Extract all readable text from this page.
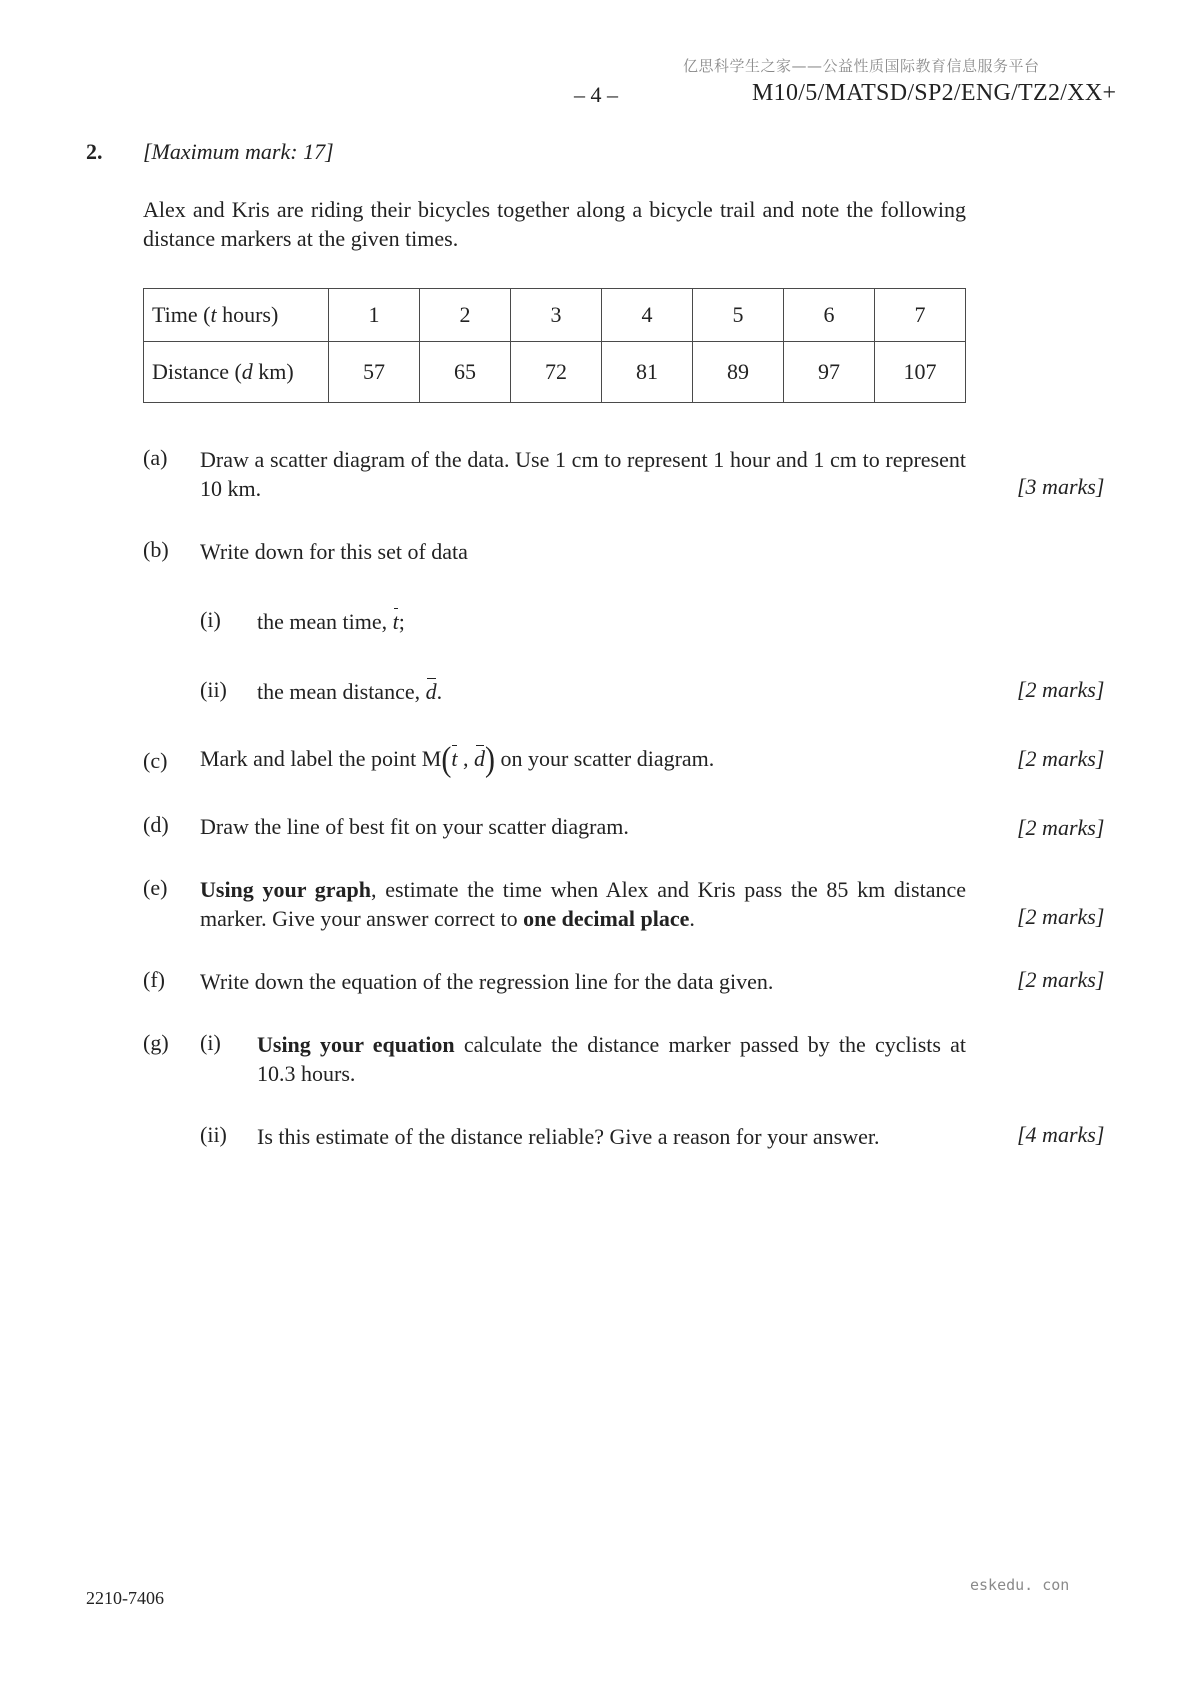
亿思科学生之家——公益性质国际教育信息服务平台
– 4 –	M10/5/MATSD/SP2/ENG/TZ2/XX+
2. [Maximum mark: 17]
Alex and Kris are riding their bicycles together along a bicycle trail and note the following distance markers at the given times.
Time (t hours)	1	2	3	4	5	6	7
Distance (d km)	57	65	72	81	89	97	107
(a) Draw a scatter diagram of the data. Use 1 cm to represent 1 hour and 1 cm to represent 10 km.	[3 marks]
(b) Write down for this set of data
(i) the mean time, t;
(ii) the mean distance, d.	[2 marks]
(c) Mark and label the point M(t , d) on your scatter diagram.	[2 marks]
(d) Draw the line of best fit on your scatter diagram.	[2 marks]
(e) Using your graph, estimate the time when Alex and Kris pass the 85 km distance marker. Give your answer correct to one decimal place.	[2 marks]
(f) Write down the equation of the regression line for the data given.	[2 marks]
(g) (i) Using your equation calculate the distance marker passed by the cyclists at 10.3 hours.
(ii) Is this estimate of the distance reliable? Give a reason for your answer.	[4 marks]
2210-7406
eskedu. con
